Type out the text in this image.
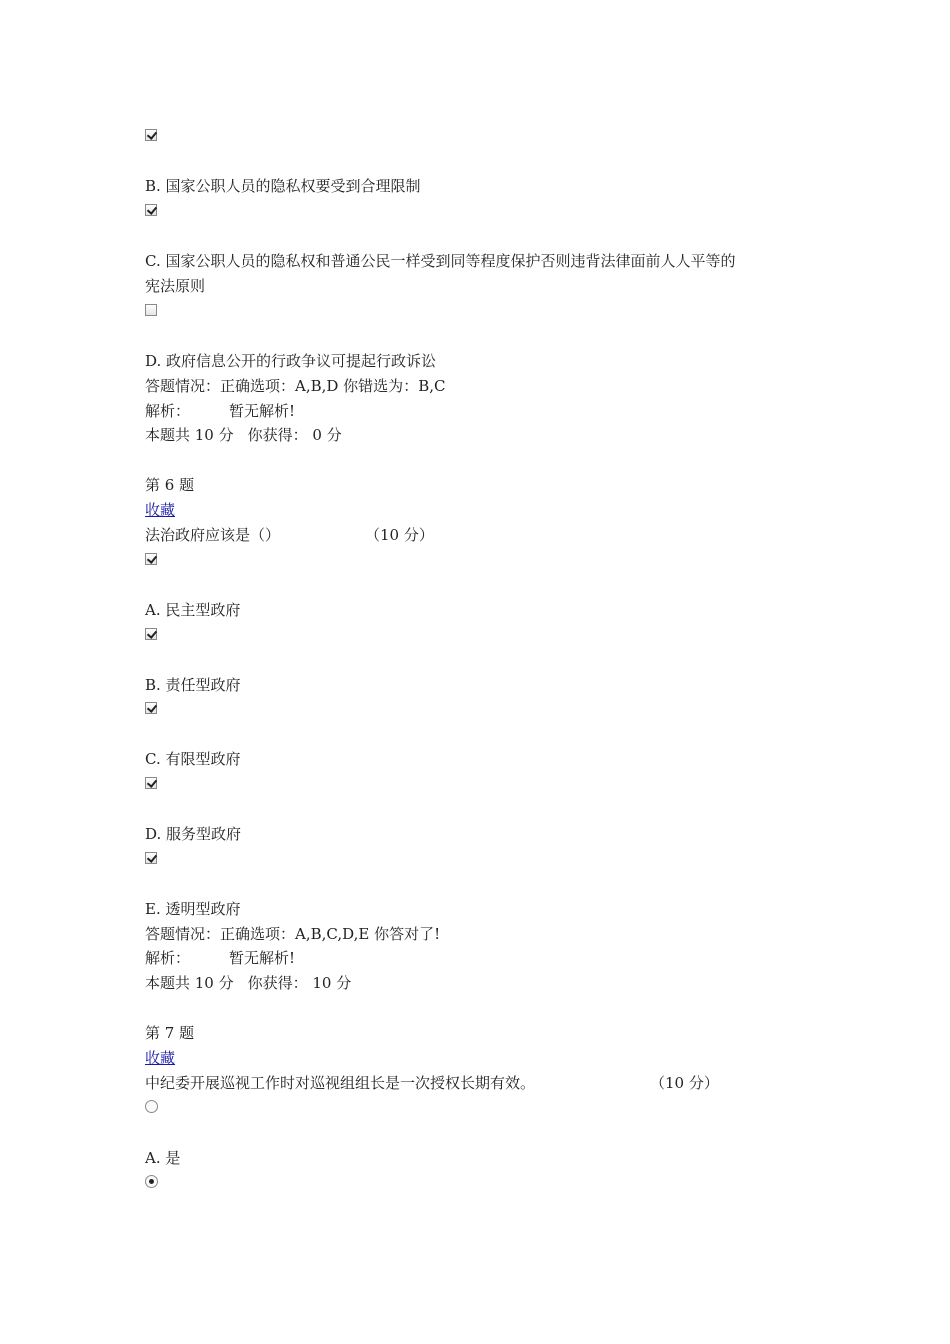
B. 国家公职人员的隐私权要受到合理限制
C. 国家公职人员的隐私权和普通公民一样受到同等程度保护否则违背法律面前人人平等的
宪法原则
D. 政府信息公开的行政争议可提起行政诉讼
答题情况：正确选项：A,B,D 你错选为：B,C
解析：	暂无解析!
本题共 10 分 你获得： 0 分
第 6 题
收藏
法治政府应该是（）	（10 分）
A. 民主型政府
B. 责任型政府
C. 有限型政府
D. 服务型政府
E. 透明型政府
答题情况：正确选项：A,B,C,D,E 你答对了!
解析：	暂无解析!
本题共 10 分 你获得： 10 分
第 7 题
收藏
中纪委开展巡视工作时对巡视组组长是一次授权长期有效。	（10 分）
A. 是
